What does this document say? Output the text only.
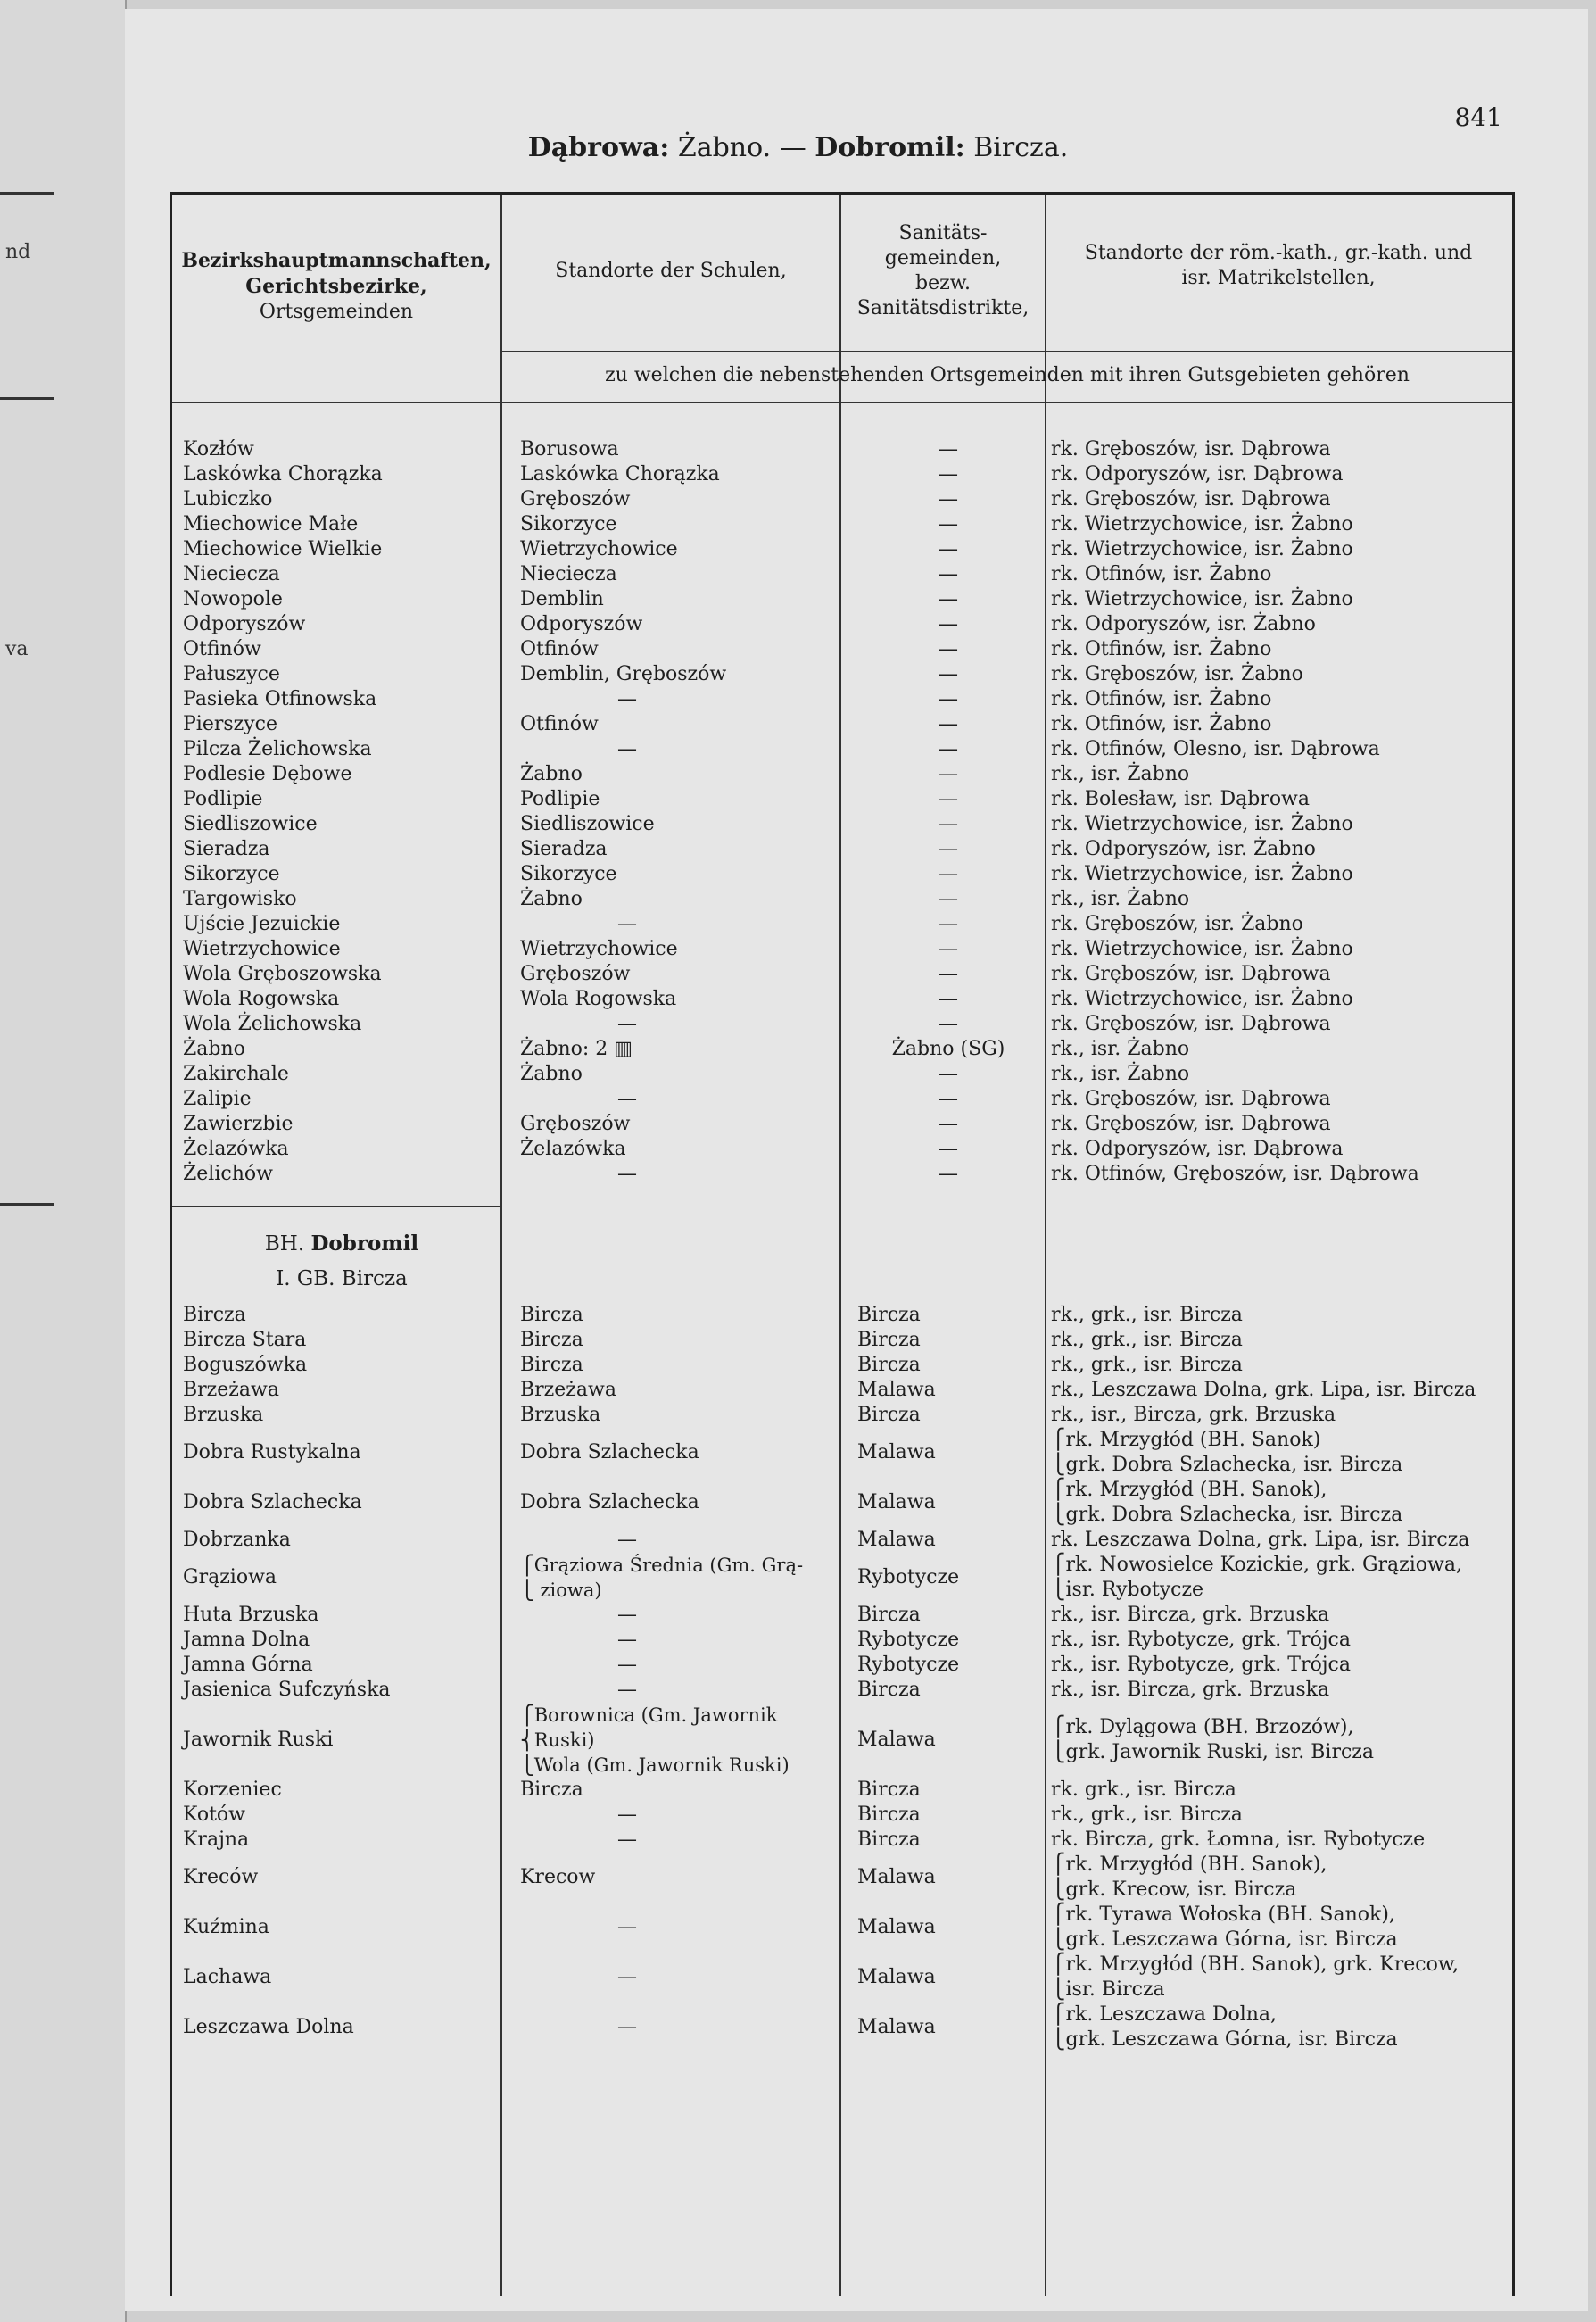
nd
va
841
Dąbrowa: Żabno. — Dobromil: Bircza.
Bezirkshauptmannschaften,
Gerichtsbezirke,
Ortsgemeinden
Standorte der Schulen,
Sanitäts-
gemeinden,
bezw.
Sanitätsdistrikte,
Standorte der röm.-kath., gr.-kath. und
isr. Matrikelstellen,
zu welchen die nebenstehenden Ortsgemeinden mit ihren Gutsgebieten gehören
Kozłów
Laskówka Chorązka
Lubiczko
Miechowice Małe
Miechowice Wielkie
Nieciecza
Nowopole
Odporyszów
Otfinów
Pałuszyce
Pasieka Otfinowska
Pierszyce
Pilcza Żelichowska
Podlesie Dębowe
Podlipie
Siedliszowice
Sieradza
Sikorzyce
Targowisko
Ujście Jezuickie
Wietrzychowice
Wola Gręboszowska
Wola Rogowska
Wola Żelichowska
Żabno
Zakirchale
Zalipie
Zawierzbie
Żelazówka
Żelichów
Borusowa
Laskówka Chorązka
Gręboszów
Sikorzyce
Wietrzychowice
Nieciecza
Demblin
Odporyszów
Otfinów
Demblin, Gręboszów
—
Otfinów
—
Żabno
Podlipie
Siedliszowice
Sieradza
Sikorzyce
Żabno
—
Wietrzychowice
Gręboszów
Wola Rogowska
—
Żabno: 2 ▥
Żabno
—
Gręboszów
Żelazówka
—
—
—
—
—
—
—
—
—
—
—
—
—
—
—
—
—
—
—
—
—
—
—
—
—
Żabno (SG)
—
—
—
—
—
rk. Gręboszów, isr. Dąbrowa
rk. Odporyszów, isr. Dąbrowa
rk. Gręboszów, isr. Dąbrowa
rk. Wietrzychowice, isr. Żabno
rk. Wietrzychowice, isr. Żabno
rk. Otfinów, isr. Żabno
rk. Wietrzychowice, isr. Żabno
rk. Odporyszów, isr. Żabno
rk. Otfinów, isr. Żabno
rk. Gręboszów, isr. Żabno
rk. Otfinów, isr. Żabno
rk. Otfinów, isr. Żabno
rk. Otfinów, Olesno, isr. Dąbrowa
rk., isr. Żabno
rk. Bolesław, isr. Dąbrowa
rk. Wietrzychowice, isr. Żabno
rk. Odporyszów, isr. Żabno
rk. Wietrzychowice, isr. Żabno
rk., isr. Żabno
rk. Gręboszów, isr. Żabno
rk. Wietrzychowice, isr. Żabno
rk. Gręboszów, isr. Dąbrowa
rk. Wietrzychowice, isr. Żabno
rk. Gręboszów, isr. Dąbrowa
rk., isr. Żabno
rk., isr. Żabno
rk. Gręboszów, isr. Dąbrowa
rk. Gręboszów, isr. Dąbrowa
rk. Odporyszów, isr. Dąbrowa
rk. Otfinów, Gręboszów, isr. Dąbrowa
BH. Dobromil
I. GB. Bircza
Bircza
Bircza Stara
Boguszówka
Brzeżawa
Brzuska
Dobra Rustykalna
Dobra Szlachecka
Dobrzanka
Grąziowa
Huta Brzuska
Jamna Dolna
Jamna Górna
Jasienica Sufczyńska
Jawornik Ruski
Korzeniec
Kotów
Krajna
Kreców
Kuźmina
Lachawa
Leszczawa Dolna
Bircza
Bircza
Bircza
Brzeżawa
Brzuska
Dobra Szlachecka
Dobra Szlachecka
—
⎧Grąziowa Średnia (Gm. Grą-
⎩ ziowa)
—
—
—
—
⎧Borownica (Gm. Jawornik
⎨Ruski)
⎩Wola (Gm. Jawornik Ruski)
Bircza
—
—
Krecow
—
—
—
Bircza
Bircza
Bircza
Malawa
Bircza
Malawa
Malawa
Malawa
Rybotycze
Bircza
Rybotycze
Rybotycze
Bircza
Malawa
Bircza
Bircza
Bircza
Malawa
Malawa
Malawa
Malawa
rk., grk., isr. Bircza
rk., grk., isr. Bircza
rk., grk., isr. Bircza
rk., Leszczawa Dolna, grk. Lipa, isr. Bircza
rk., isr., Bircza, grk. Brzuska
⎧rk. Mrzygłód (BH. Sanok)
⎩grk. Dobra Szlachecka, isr. Bircza
⎧rk. Mrzygłód (BH. Sanok),
⎩grk. Dobra Szlachecka, isr. Bircza
rk. Leszczawa Dolna, grk. Lipa, isr. Bircza
⎧rk. Nowosielce Kozickie, grk. Grąziowa,
⎩isr. Rybotycze
rk., isr. Bircza, grk. Brzuska
rk., isr. Rybotycze, grk. Trójca
rk., isr. Rybotycze, grk. Trójca
rk., isr. Bircza, grk. Brzuska
⎧rk. Dylągowa (BH. Brzozów),
⎩grk. Jawornik Ruski, isr. Bircza
rk. grk., isr. Bircza
rk., grk., isr. Bircza
rk. Bircza, grk. Łomna, isr. Rybotycze
⎧rk. Mrzygłód (BH. Sanok),
⎩grk. Krecow, isr. Bircza
⎧rk. Tyrawa Wołoska (BH. Sanok),
⎩grk. Leszczawa Górna, isr. Bircza
⎧rk. Mrzygłód (BH. Sanok), grk. Krecow,
⎩isr. Bircza
⎧rk. Leszczawa Dolna,
⎩grk. Leszczawa Górna, isr. Bircza
